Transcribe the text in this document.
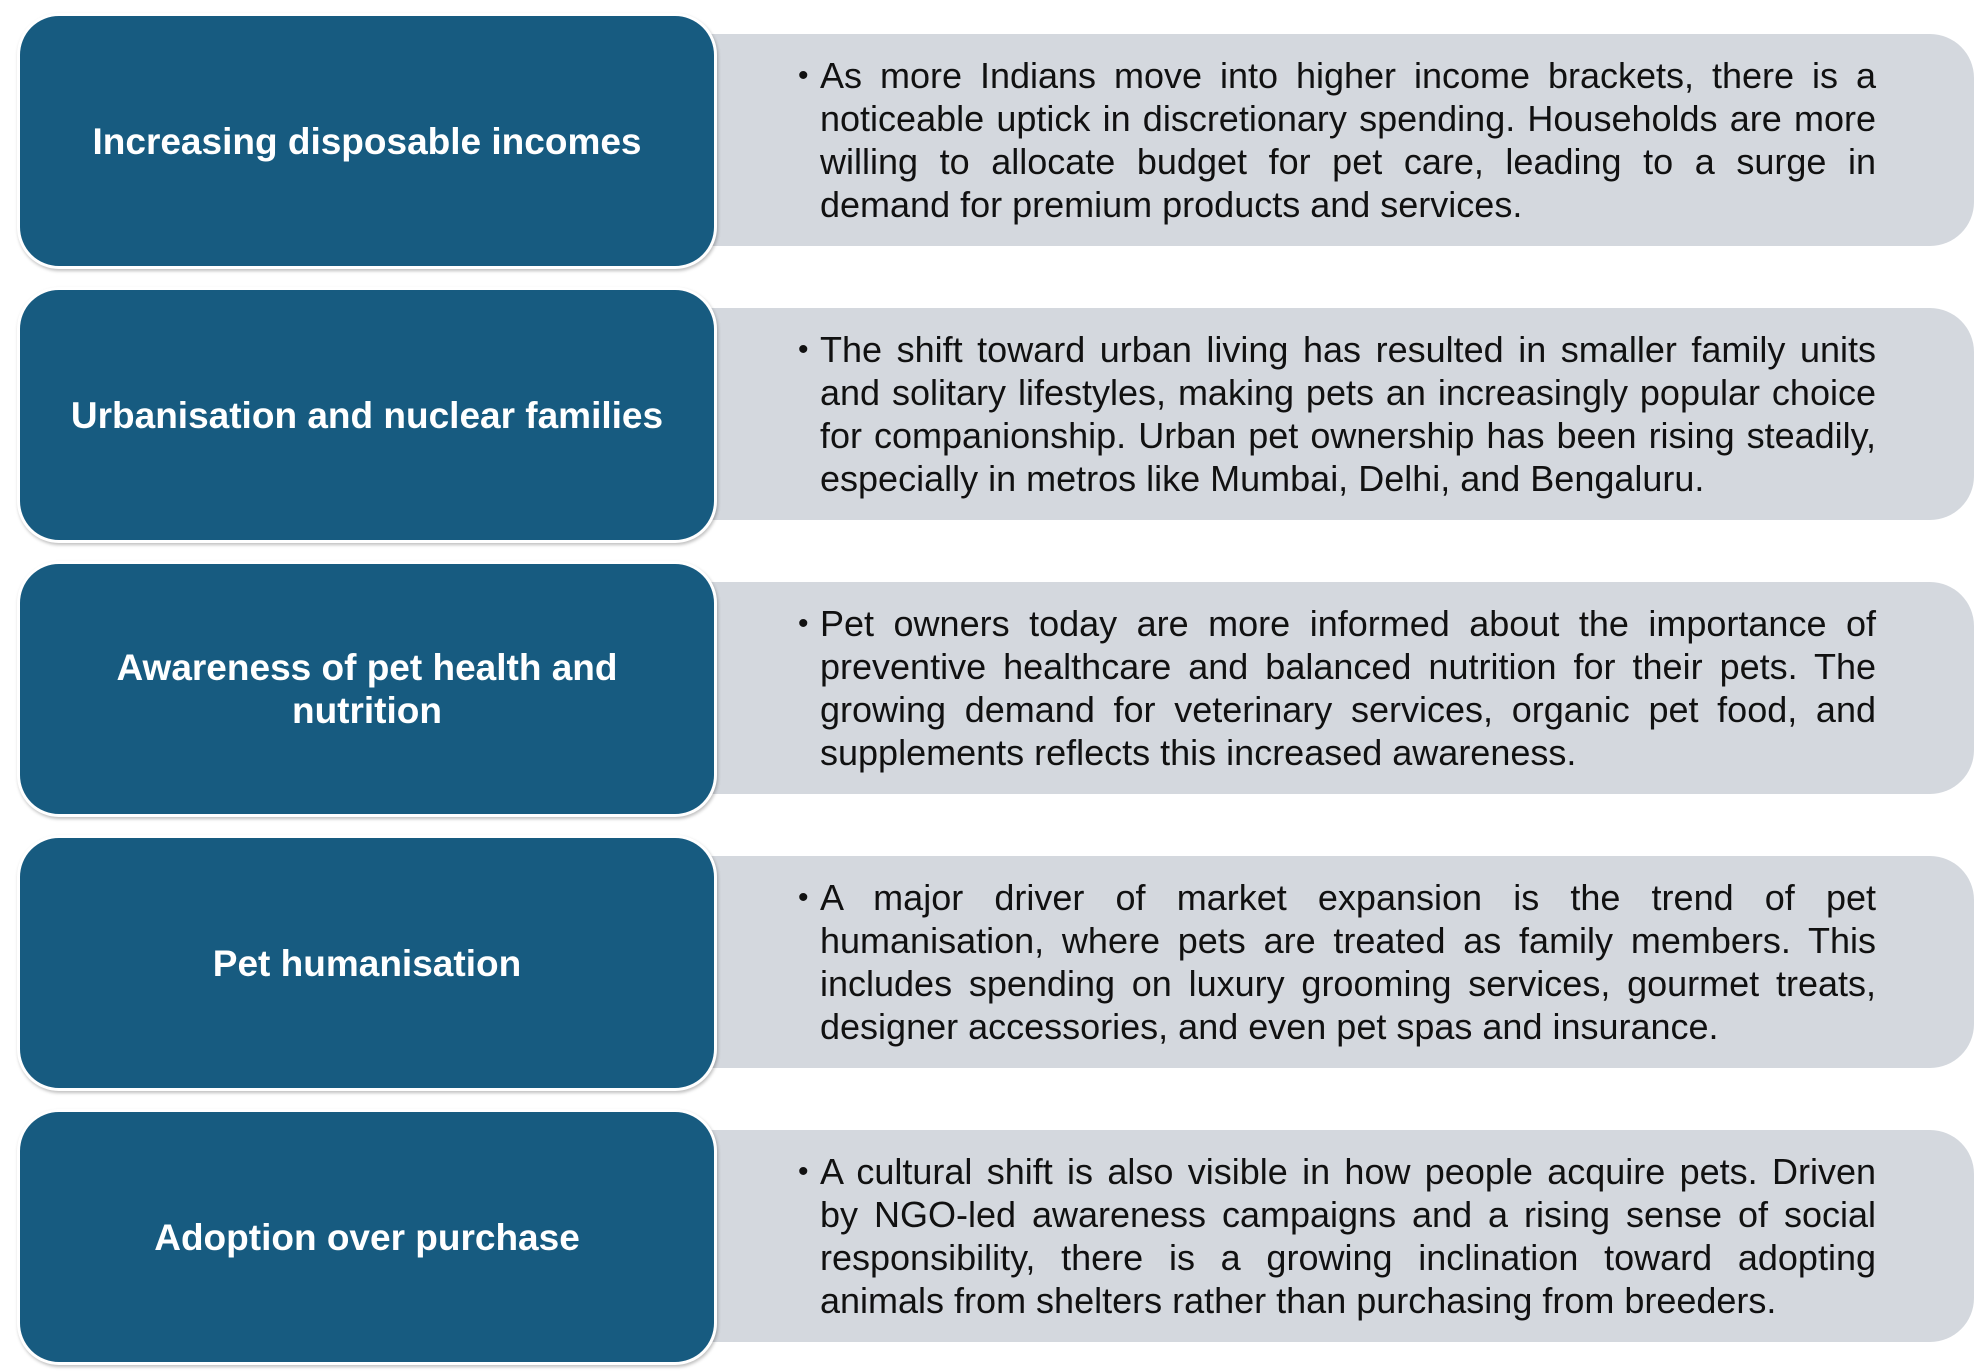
• As more Indians move into higher income brackets, there is a noticeable uptick in discretionary spending. Households are more willing to allocate budget for pet care, leading to a surge in demand for premium products and services.

Increasing disposable incomes

• The shift toward urban living has resulted in smaller family units and solitary lifestyles, making pets an increasingly popular choice for companionship. Urban pet ownership has been rising steadily, especially in metros like Mumbai, Delhi, and Bengaluru.

Urbanisation and nuclear families

• Pet owners today are more informed about the importance of preventive healthcare and balanced nutrition for their pets. The growing demand for veterinary services, organic pet food, and supplements reflects this increased awareness.

Awareness of pet health and nutrition

• A major driver of market expansion is the trend of pet humanisation, where pets are treated as family members. This includes spending on luxury grooming services, gourmet treats, designer accessories, and even pet spas and insurance.

Pet humanisation

• A cultural shift is also visible in how people acquire pets. Driven by NGO-led awareness campaigns and a rising sense of social responsibility, there is a growing inclination toward adopting animals from shelters rather than purchasing from breeders.

Adoption over purchase
